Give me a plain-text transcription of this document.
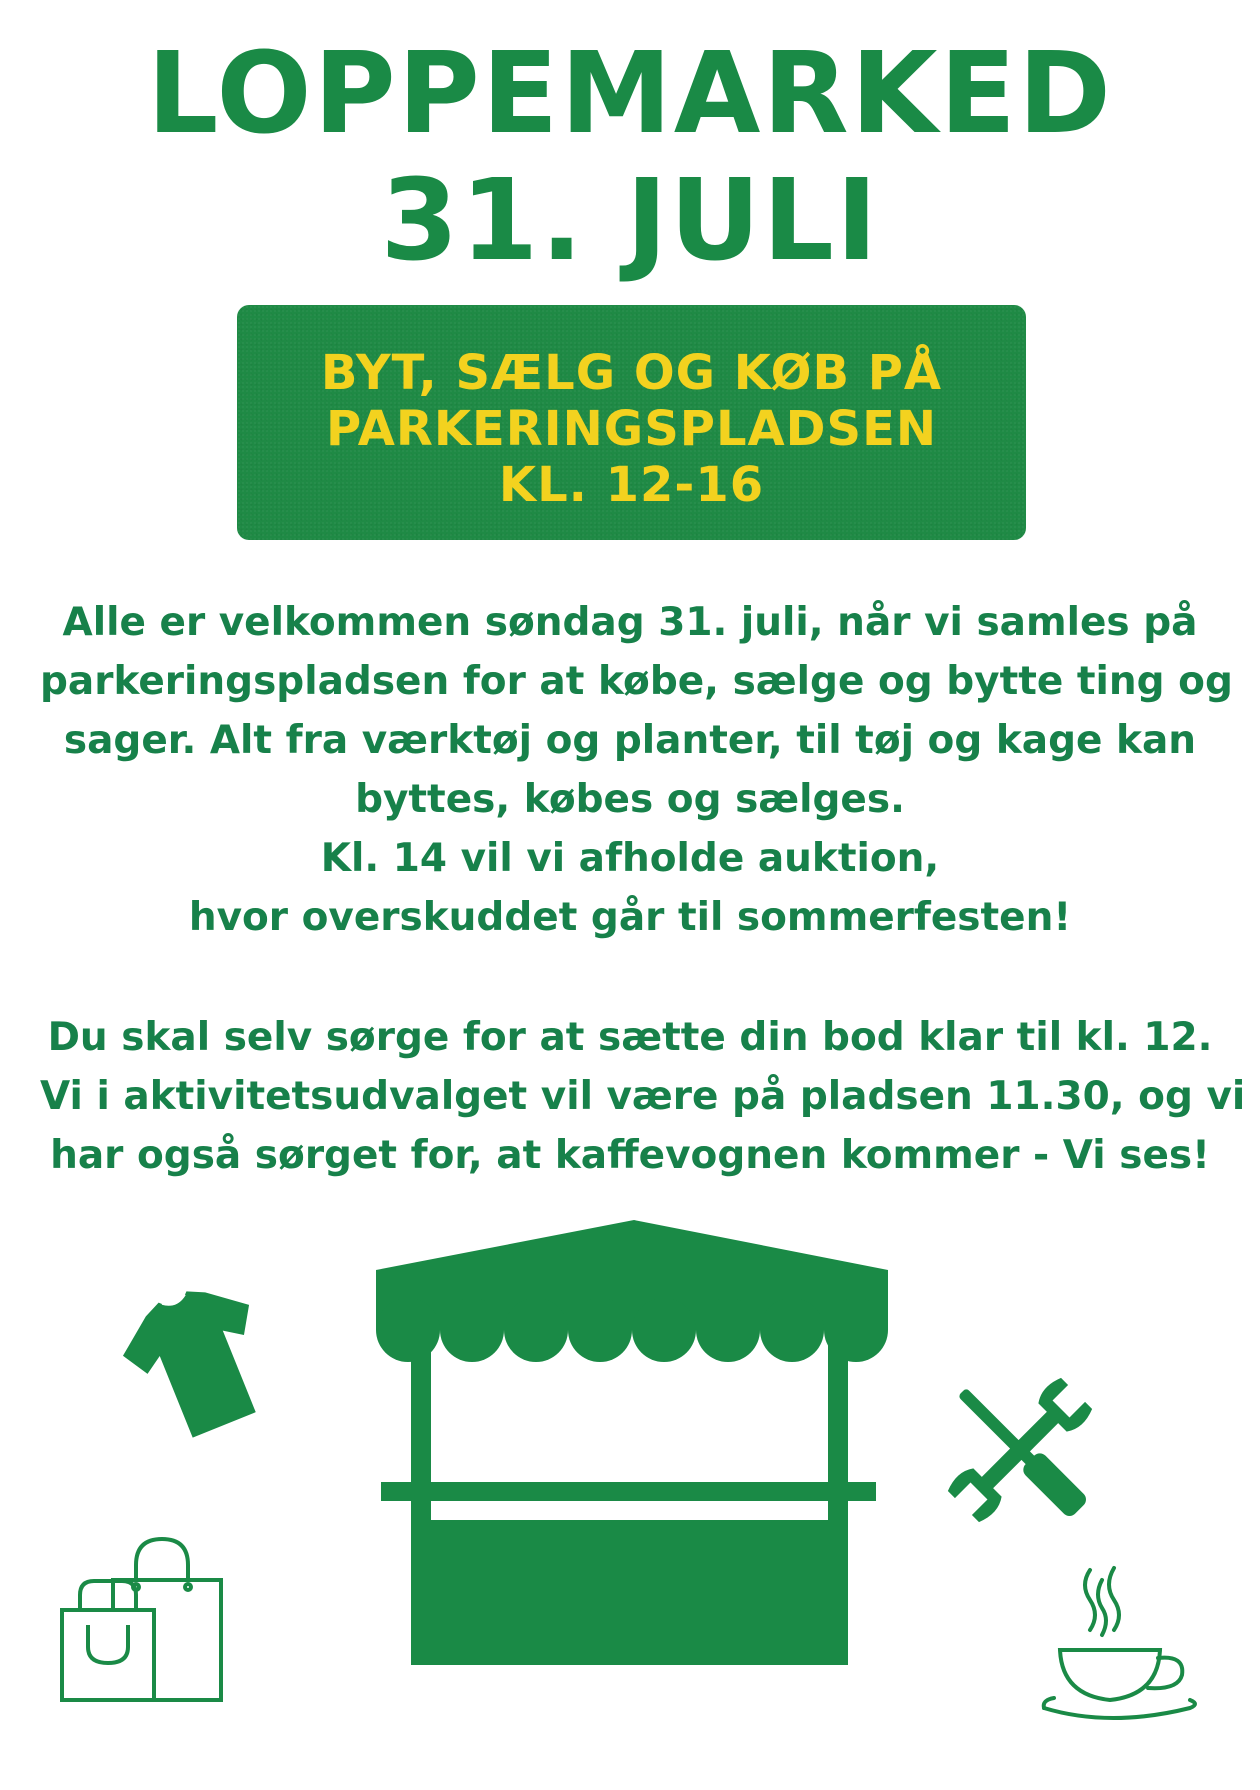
LOPPEMARKED
31. JULI
BYT, SÆLG OG KØB PÅ
PARKERINGSPLADSEN
KL. 12-16
Alle er velkommen søndag 31. juli, når vi samles på
parkeringspladsen for at købe, sælge og bytte ting og
sager. Alt fra værktøj og planter, til tøj og kage kan
byttes, købes og sælges.
Kl. 14 vil vi afholde auktion,
hvor overskuddet går til sommerfesten!
Du skal selv sørge for at sætte din bod klar til kl. 12.
Vi i aktivitetsudvalget vil være på pladsen 11.30, og vi
har også sørget for, at kaffevognen kommer - Vi ses!
